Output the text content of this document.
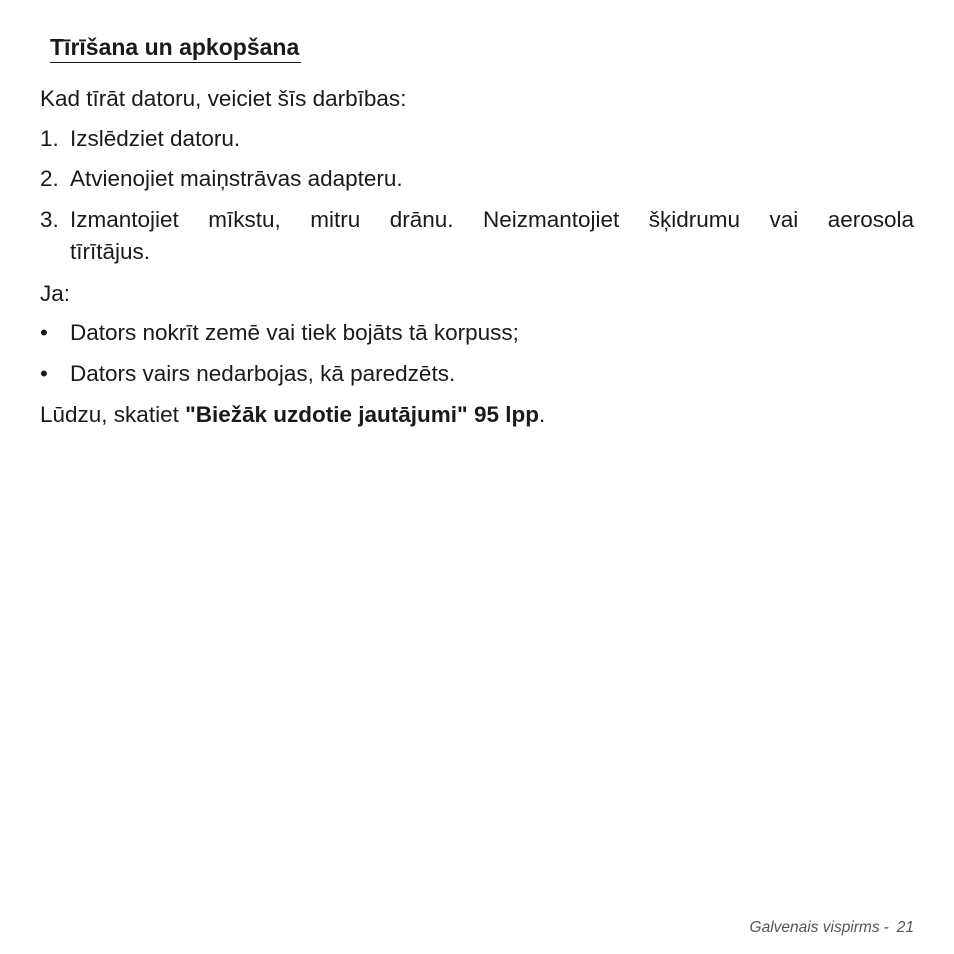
Tīrīšana un apkopšana
Kad tīrāt datoru, veiciet šīs darbības:
1. Izslēdziet datoru.
2. Atvienojiet maiņstrāvas adapteru.
3. Izmantojiet mīkstu, mitru drānu. Neizmantojiet šķidrumu vai aerosola
tīrītājus.
Ja:
• Dators nokrīt zemē vai tiek bojāts tā korpuss;
• Dators vairs nedarbojas, kā paredzēts.
Lūdzu, skatiet "Biežāk uzdotie jautājumi" 95 lpp.
Galvenais vispirms - 21
